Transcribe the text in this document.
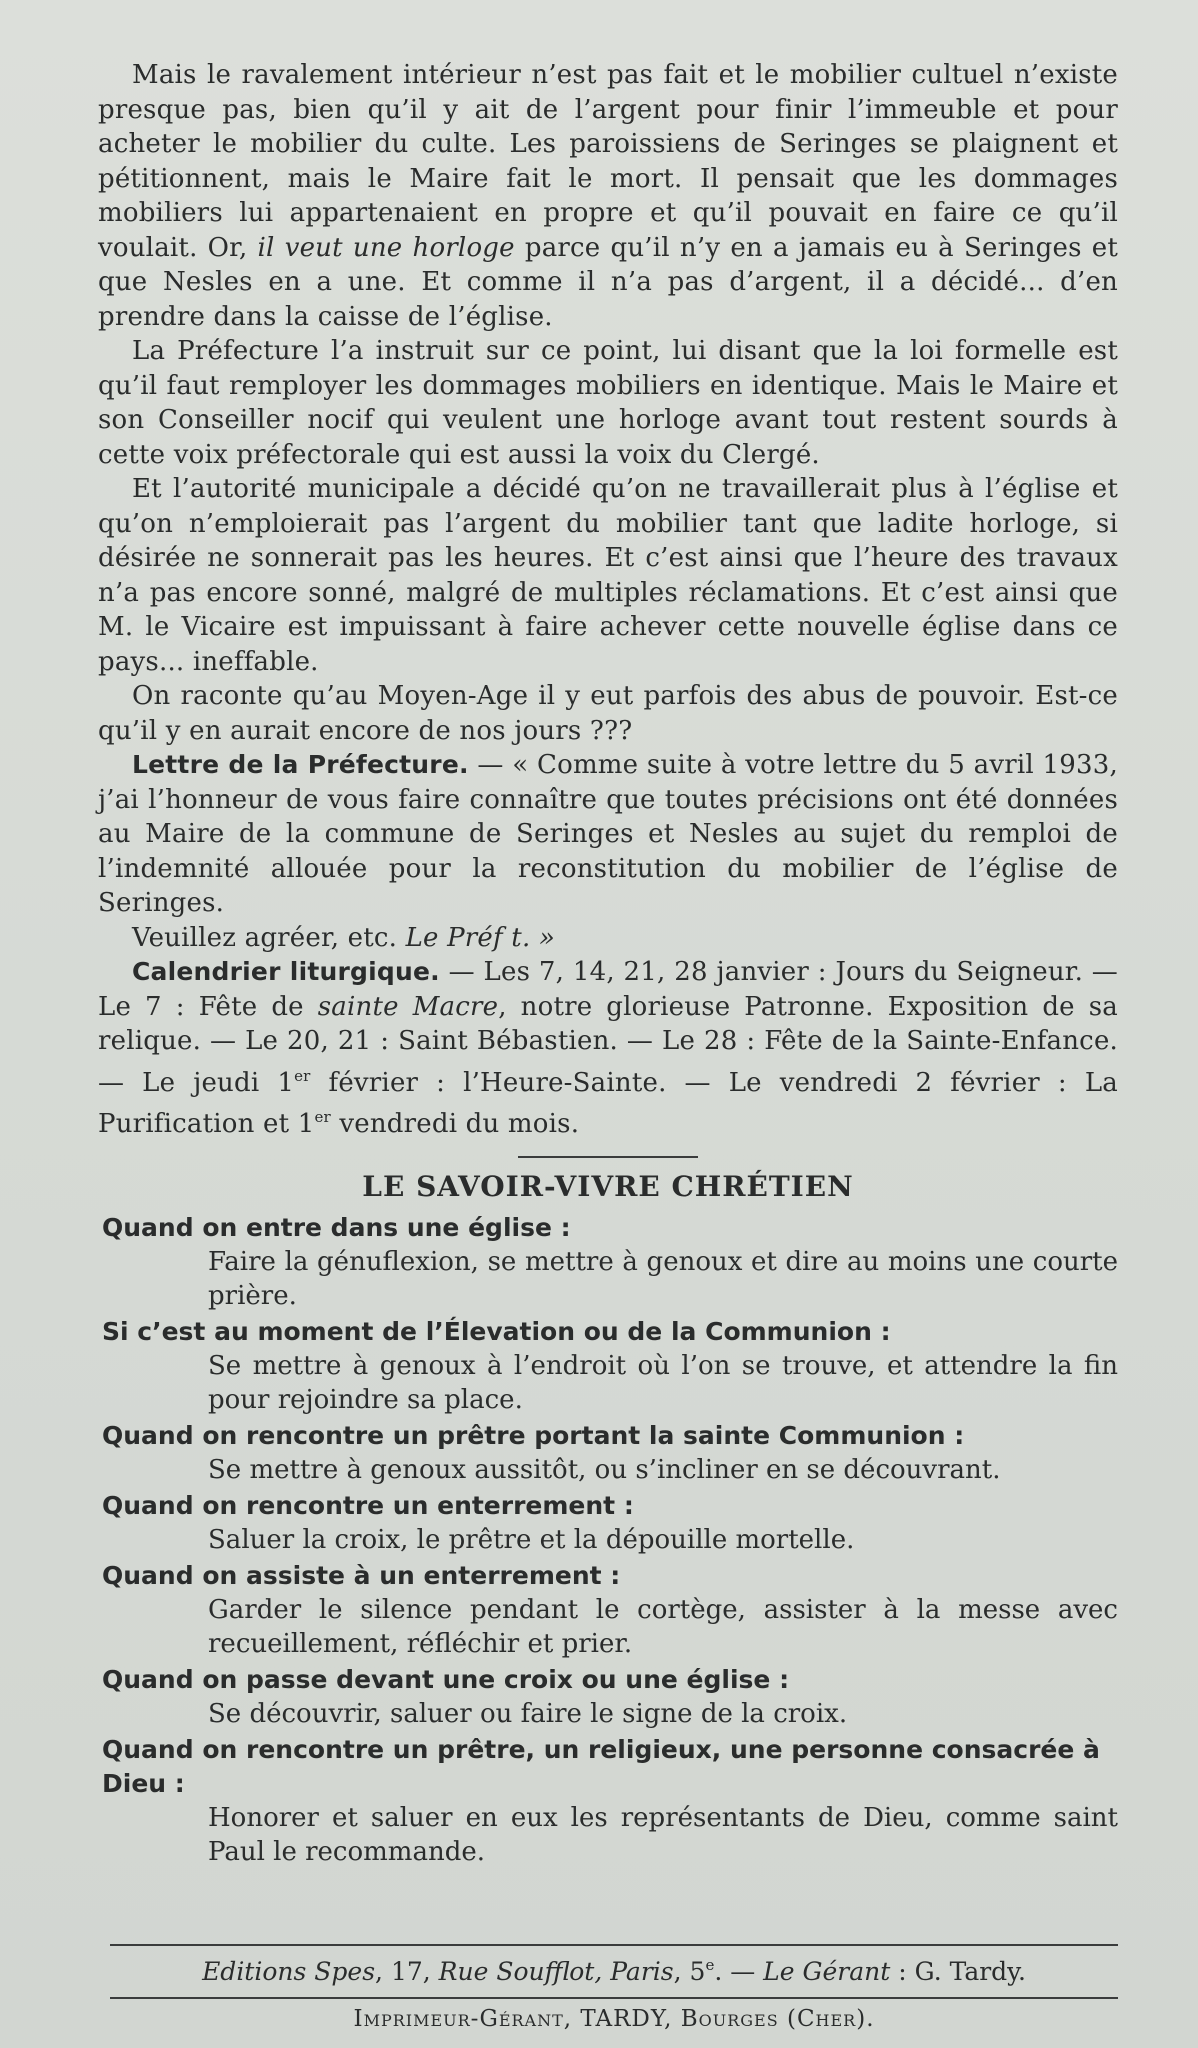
Mais le ravalement intérieur n’est pas fait et le mobilier cultuel n’existe presque pas, bien qu’il y ait de l’argent pour finir l’immeuble et pour acheter le mobilier du culte. Les paroissiens de Seringes se plaignent et pétitionnent, mais le Maire fait le mort. Il pensait que les dommages mobiliers lui appartenaient en propre et qu’il pouvait en faire ce qu’il voulait. Or, il veut une horloge parce qu’il n’y en a jamais eu à Seringes et que Nesles en a une. Et comme il n’a pas d’argent, il a décidé... d’en prendre dans la caisse de l’église.

La Préfecture l’a instruit sur ce point, lui disant que la loi formelle est qu’il faut remployer les dommages mobiliers en identique. Mais le Maire et son Conseiller nocif qui veulent une horloge avant tout restent sourds à cette voix préfectorale qui est aussi la voix du Clergé.

Et l’autorité municipale a décidé qu’on ne travaillerait plus à l’église et qu’on n’emploierait pas l’argent du mobilier tant que ladite horloge, si désirée ne sonnerait pas les heures. Et c’est ainsi que l’heure des travaux n’a pas encore sonné, malgré de multiples réclamations. Et c’est ainsi que M. le Vicaire est impuissant à faire achever cette nouvelle église dans ce pays... ineffable.

On raconte qu’au Moyen-Age il y eut parfois des abus de pouvoir. Est-ce qu’il y en aurait encore de nos jours ???

Lettre de la Préfecture. — « Comme suite à votre lettre du 5 avril 1933, j’ai l’honneur de vous faire connaître que toutes précisions ont été données au Maire de la commune de Seringes et Nesles au sujet du remploi de l’indemnité allouée pour la reconstitution du mobilier de l’église de Seringes.

Veuillez agréer, etc. Le Préf t. »

Calendrier liturgique. — Les 7, 14, 21, 28 janvier : Jours du Seigneur. — Le 7 : Fête de sainte Macre, notre glorieuse Patronne. Exposition de sa relique. — Le 20, 21 : Saint Bébastien. — Le 28 : Fête de la Sainte-Enfance. — Le jeudi 1er février : l’Heure-Sainte. — Le vendredi 2 février : La Purification et 1er vendredi du mois.

LE SAVOIR-VIVRE CHRÉTIEN

Quand on entre dans une église :

Faire la génuflexion, se mettre à genoux et dire au moins une courte prière.

Si c’est au moment de l’Élevation ou de la Communion :

Se mettre à genoux à l’endroit où l’on se trouve, et attendre la fin pour rejoindre sa place.

Quand on rencontre un prêtre portant la sainte Communion :

Se mettre à genoux aussitôt, ou s’incliner en se découvrant.

Quand on rencontre un enterrement :

Saluer la croix, le prêtre et la dépouille mortelle.

Quand on assiste à un enterrement :

Garder le silence pendant le cortège, assister à la messe avec recueillement, réfléchir et prier.

Quand on passe devant une croix ou une église :

Se découvrir, saluer ou faire le signe de la croix.

Quand on rencontre un prêtre, un religieux, une personne consacrée à Dieu :

Honorer et saluer en eux les représentants de Dieu, comme saint Paul le recommande.

Editions Spes, 17, Rue Soufflot, Paris, 5e. — Le Gérant : G. Tardy.

Imprimeur-Gérant, TARDY, Bourges (Cher).
